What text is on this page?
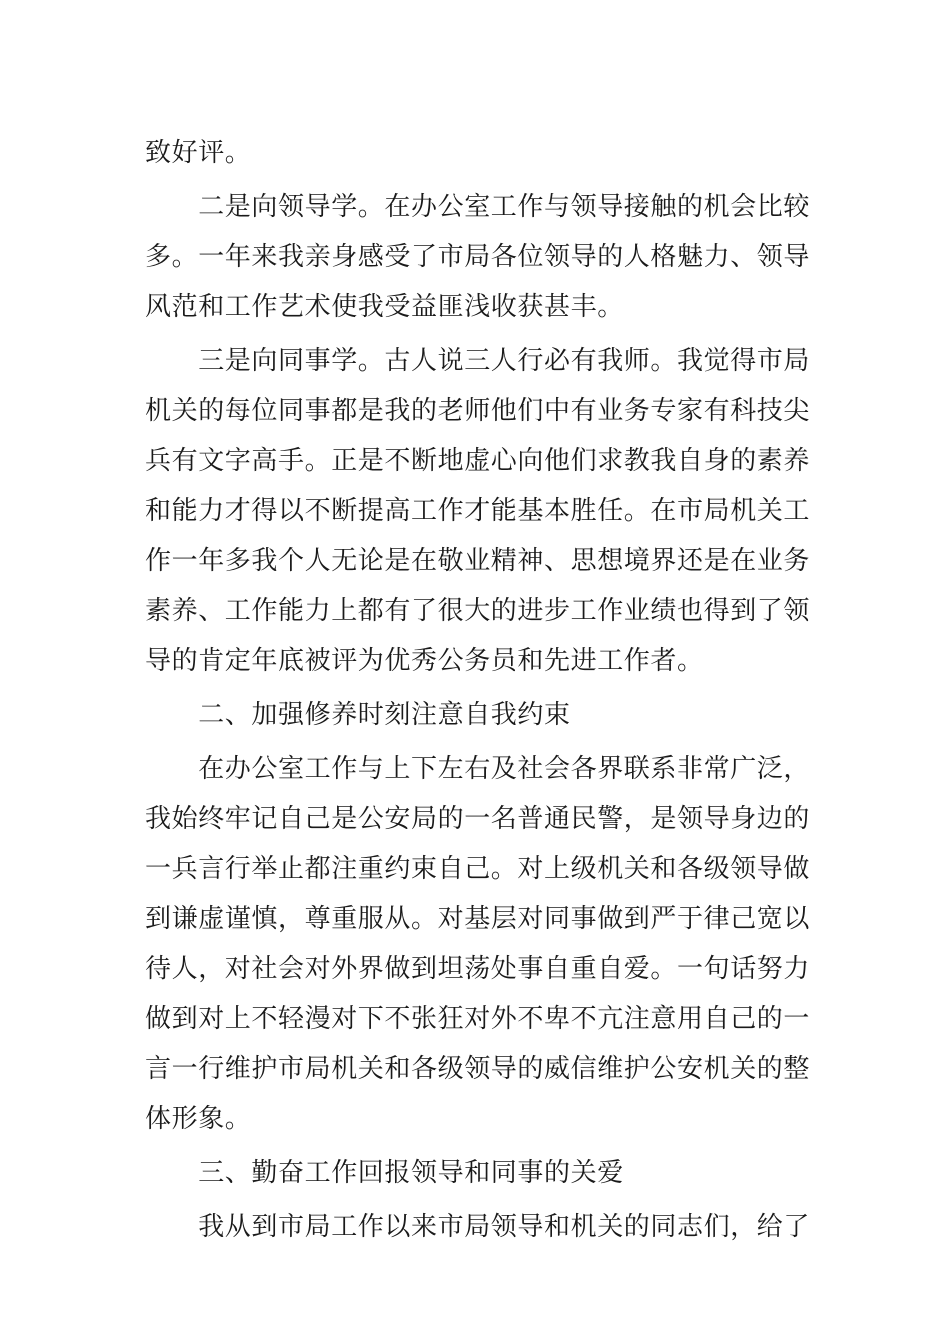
致好评。
　　二是向领导学。在办公室工作与领导接触的机会比较
多。一年来我亲身感受了市局各位领导的人格魅力、领导
风范和工作艺术使我受益匪浅收获甚丰。
　　三是向同事学。古人说三人行必有我师。我觉得市局
机关的每位同事都是我的老师他们中有业务专家有科技尖
兵有文字高手。正是不断地虚心向他们求教我自身的素养
和能力才得以不断提高工作才能基本胜任。在市局机关工
作一年多我个人无论是在敬业精神、思想境界还是在业务
素养、工作能力上都有了很大的进步工作业绩也得到了领
导的肯定年底被评为优秀公务员和先进工作者。
　　二、加强修养时刻注意自我约束
　　在办公室工作与上下左右及社会各界联系非常广泛，
我始终牢记自己是公安局的一名普通民警，是领导身边的
一兵言行举止都注重约束自己。对上级机关和各级领导做
到谦虚谨慎，尊重服从。对基层对同事做到严于律己宽以
待人，对社会对外界做到坦荡处事自重自爱。一句话努力
做到对上不轻漫对下不张狂对外不卑不亢注意用自己的一
言一行维护市局机关和各级领导的威信维护公安机关的整
体形象。
　　三、勤奋工作回报领导和同事的关爱
　　我从到市局工作以来市局领导和机关的同志们，给了
